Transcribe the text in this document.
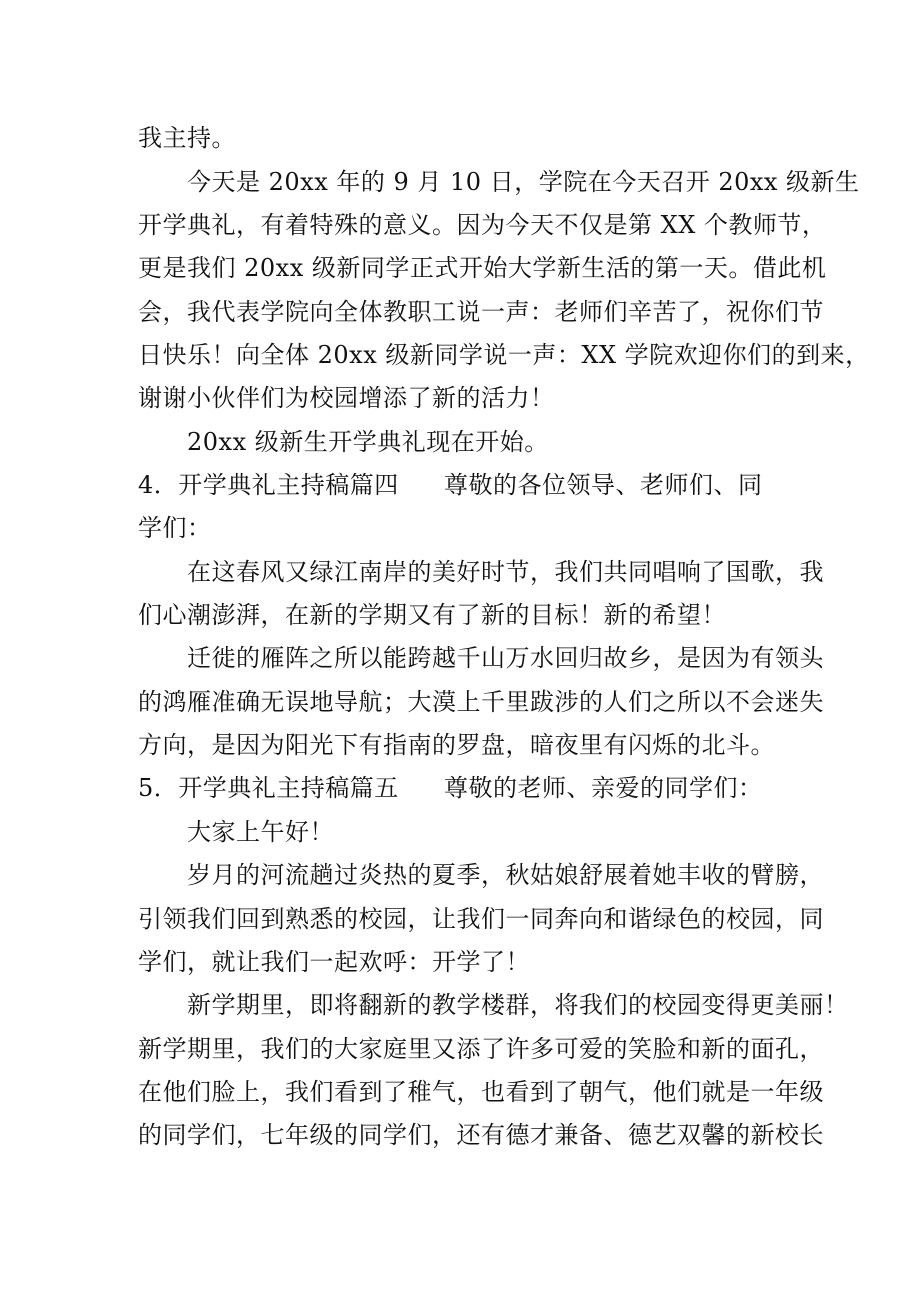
我主持。
今天是 20xx 年的 9 月 10 日，学院在今天召开 20xx 级新生
开学典礼，有着特殊的意义。因为今天不仅是第 XX 个教师节，
更是我们 20xx 级新同学正式开始大学新生活的第一天。借此机
会，我代表学院向全体教职工说一声：老师们辛苦了，祝你们节
日快乐！向全体 20xx 级新同学说一声：XX 学院欢迎你们的到来，
谢谢小伙伴们为校园增添了新的活力！
20xx 级新生开学典礼现在开始。
4．开学典礼主持稿篇四 尊敬的各位领导、老师们、同
学们：
在这春风又绿江南岸的美好时节，我们共同唱响了国歌，我
们心潮澎湃，在新的学期又有了新的目标！新的希望！
迁徙的雁阵之所以能跨越千山万水回归故乡，是因为有领头
的鸿雁准确无误地导航；大漠上千里跋涉的人们之所以不会迷失
方向，是因为阳光下有指南的罗盘，暗夜里有闪烁的北斗。
5．开学典礼主持稿篇五 尊敬的老师、亲爱的同学们：
大家上午好！
岁月的河流趟过炎热的夏季，秋姑娘舒展着她丰收的臂膀，
引领我们回到熟悉的校园，让我们一同奔向和谐绿色的校园，同
学们，就让我们一起欢呼：开学了！
新学期里，即将翻新的教学楼群，将我们的校园变得更美丽！
新学期里，我们的大家庭里又添了许多可爱的笑脸和新的面孔，
在他们脸上，我们看到了稚气，也看到了朝气，他们就是一年级
的同学们，七年级的同学们，还有德才兼备、德艺双馨的新校长
